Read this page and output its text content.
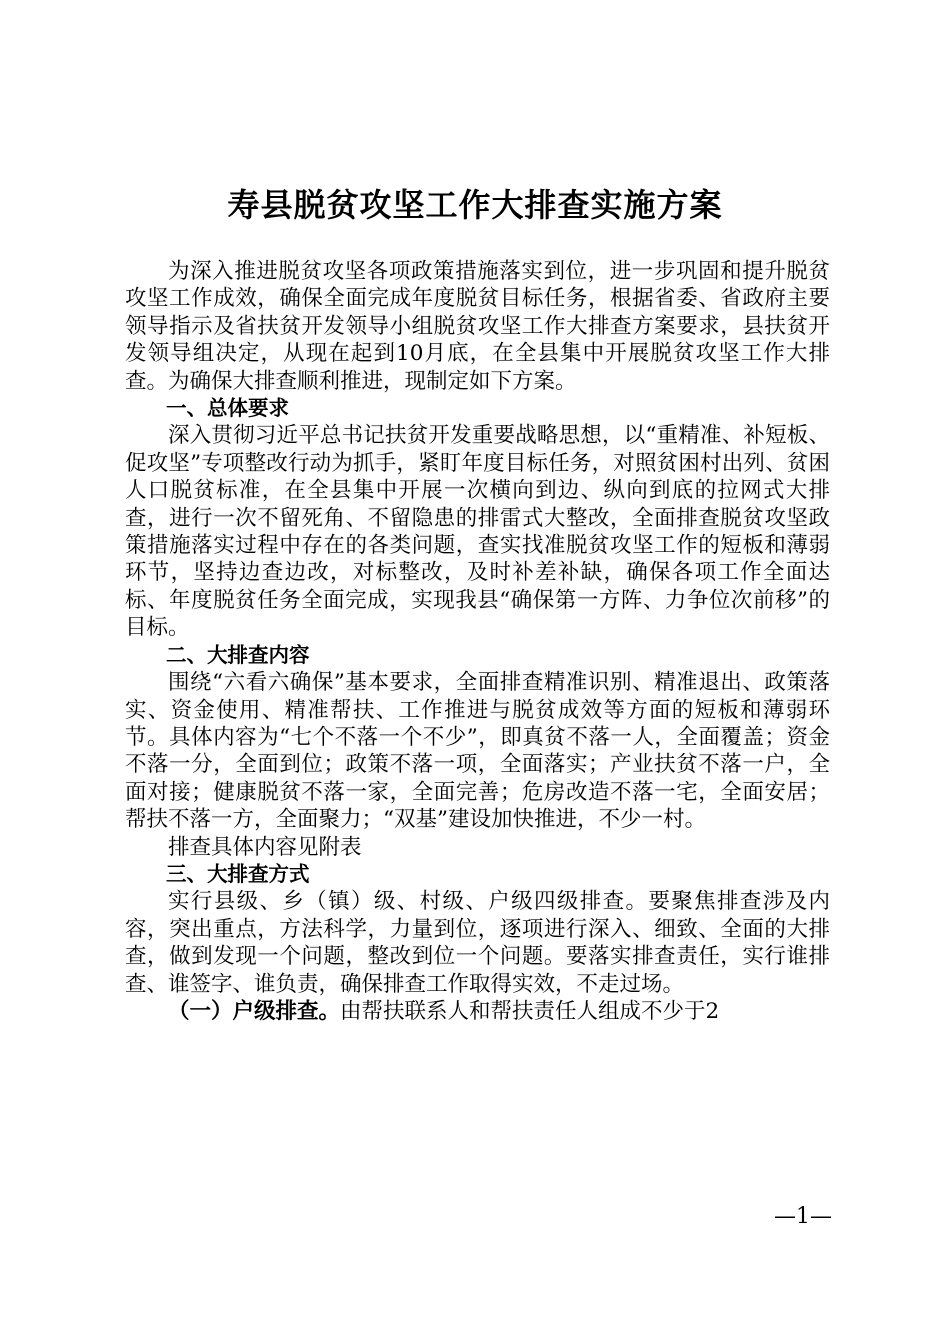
寿县脱贫攻坚工作大排查实施方案

为深入推进脱贫攻坚各项政策措施落实到位，进一步巩固和提升脱贫攻坚工作成效，确保全面完成年度脱贫目标任务，根据省委、省政府主要领导指示及省扶贫开发领导小组脱贫攻坚工作大排查方案要求，县扶贫开发领导组决定，从现在起到10月底，在全县集中开展脱贫攻坚工作大排查。为确保大排查顺利推进，现制定如下方案。

一、总体要求

深入贯彻习近平总书记扶贫开发重要战略思想，以“重精准、补短板、促攻坚”专项整改行动为抓手，紧盯年度目标任务，对照贫困村出列、贫困人口脱贫标准，在全县集中开展一次横向到边、纵向到底的拉网式大排查，进行一次不留死角、不留隐患的排雷式大整改，全面排查脱贫攻坚政策措施落实过程中存在的各类问题，查实找准脱贫攻坚工作的短板和薄弱环节，坚持边查边改，对标整改，及时补差补缺，确保各项工作全面达标、年度脱贫任务全面完成，实现我县“确保第一方阵、力争位次前移”的目标。

二、大排查内容

围绕“六看六确保”基本要求，全面排查精准识别、精准退出、政策落实、资金使用、精准帮扶、工作推进与脱贫成效等方面的短板和薄弱环节。具体内容为“七个不落一个不少”，即真贫不落一人，全面覆盖；资金不落一分，全面到位；政策不落一项，全面落实；产业扶贫不落一户，全面对接；健康脱贫不落一家，全面完善；危房改造不落一宅，全面安居；帮扶不落一方，全面聚力；“双基”建设加快推进，不少一村。

排查具体内容见附表

三、大排查方式

实行县级、乡（镇）级、村级、户级四级排查。要聚焦排查涉及内容，突出重点，方法科学，力量到位，逐项进行深入、细致、全面的大排查，做到发现一个问题，整改到位一个问题。要落实排查责任，实行谁排查、谁签字、谁负责，确保排查工作取得实效，不走过场。

（一）户级排查。由帮扶联系人和帮扶责任人组成不少于2

—1—
